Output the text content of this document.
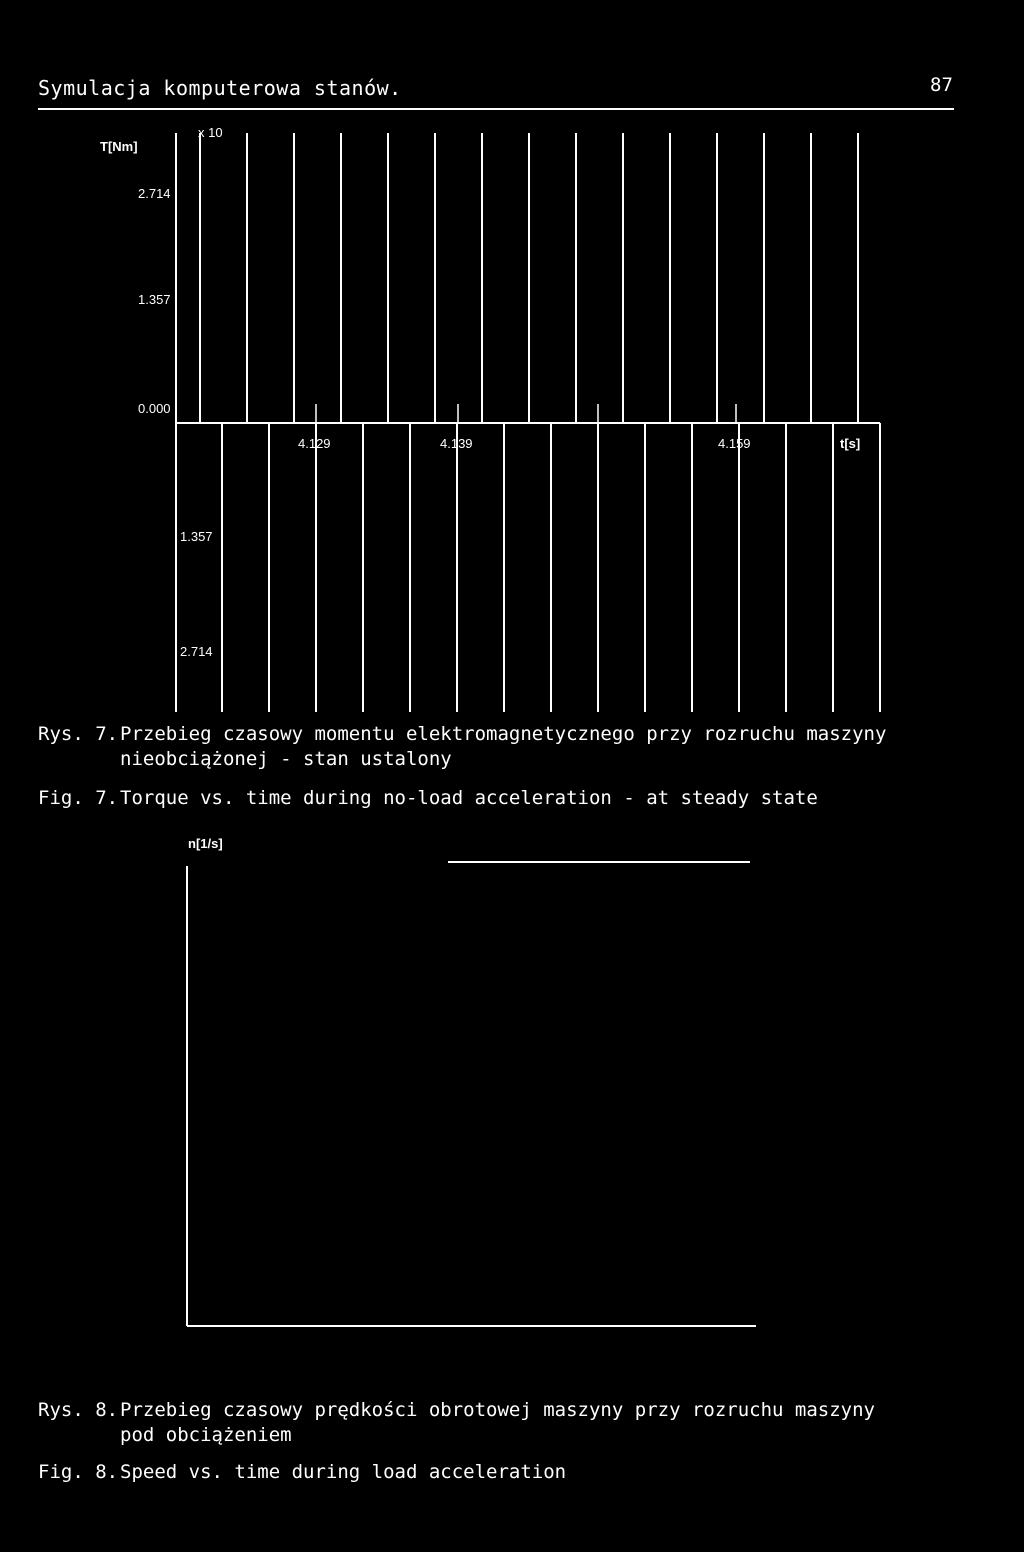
Symulacja komputerowa stanów.	87
T[Nm]
x 10
2.714
1.357
0.000
1.357
2.714
4.129	4.139	4.159	t[s]
Rys. 7. Przebieg czasowy momentu elektromagnetycznego przy rozruchu maszyny
nieobciążonej - stan ustalony
Fig. 7. Torque vs. time during no-load acceleration - at steady state
n[1/s]
Rys. 8. Przebieg czasowy prędkości obrotowej maszyny przy rozruchu maszyny
pod obciążeniem
Fig. 8. Speed vs. time during load acceleration
